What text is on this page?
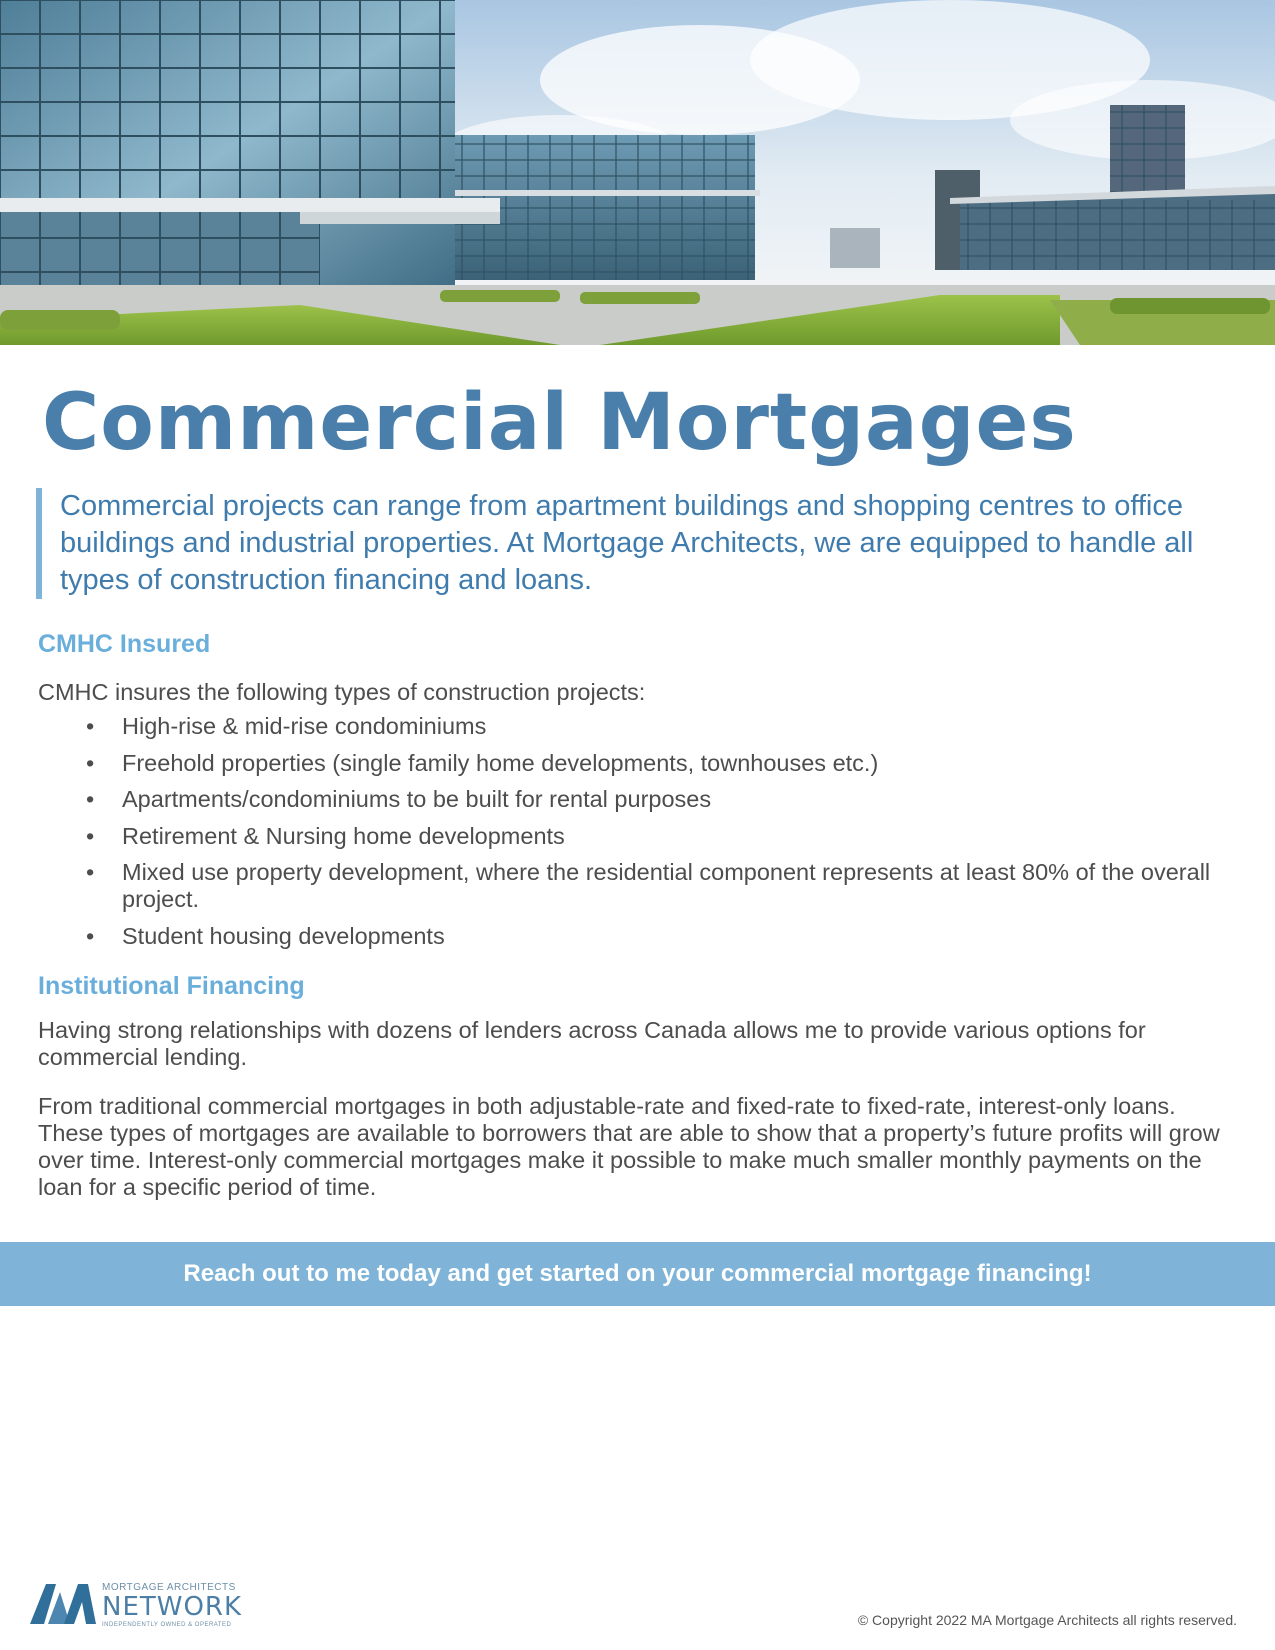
Commercial Mortgages

Commercial projects can range from apartment buildings and shopping centres to office buildings and industrial properties. At Mortgage Architects, we are equipped to handle all types of construction financing and loans.

CMHC Insured

CMHC insures the following types of construction projects:

• High-rise & mid-rise condominiums
• Freehold properties (single family home developments, townhouses etc.)
• Apartments/condominiums to be built for rental purposes
• Retirement & Nursing home developments
• Mixed use property development, where the residential component represents at least 80% of the overall project.
• Student housing developments
Institutional Financing

Having strong relationships with dozens of lenders across Canada allows me to provide various options for commercial lending.

From traditional commercial mortgages in both adjustable-rate and fixed-rate to fixed-rate, interest-only loans. These types of mortgages are available to borrowers that are able to show that a property’s future profits will grow over time. Interest-only commercial mortgages make it possible to make much smaller monthly payments on the loan for a specific period of time.

Reach out to me today and get started on your commercial mortgage financing!
MORTGAGE ARCHITECTS
NETWORK
INDEPENDENTLY OWNED & OPERATED	© Copyright 2022 MA Mortgage Architects all rights reserved.
